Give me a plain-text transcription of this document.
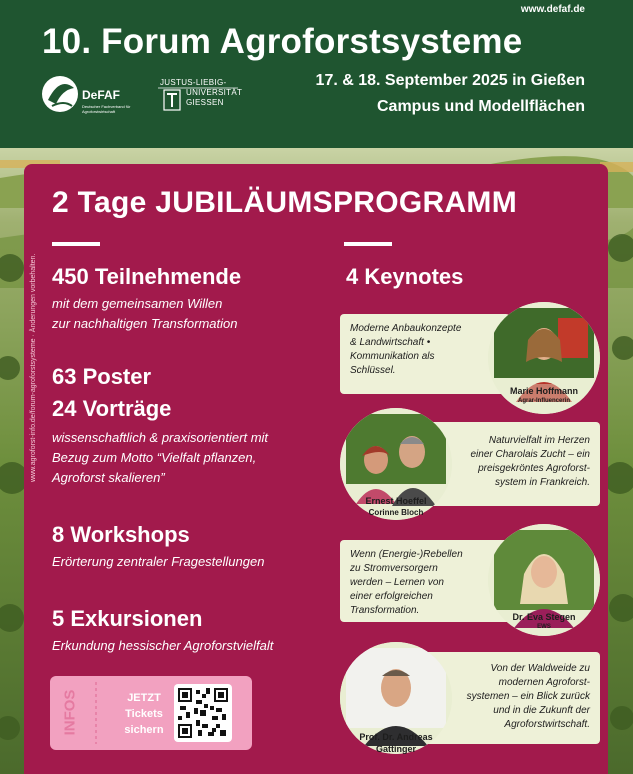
www.defaf.de
10. Forum Agroforstsysteme
DeFAF
Deutscher Fachverband für Agroforstwirtschaft
JUSTUS-LIEBIG-
UNIVERSITÄT
GIESSEN
17. & 18. September 2025 in Gießen
Campus und Modellflächen
2 Tage JUBILÄUMSPROGRAMM
www.agroforst-info.de/forum-agroforstsysteme · Änderungen vorbehalten. 450 Teilnehmende
mit dem gemeinsamen Willen
zur nachhaltigen Transformation
63 Poster
24 Vorträge
wissenschaftlich & praxisorientiert mit
Bezug zum Motto “Vielfalt pflanzen,
Agroforst skalieren”
8 Workshops
Erörterung zentraler Fragestellungen
5 Exkursionen
Erkundung hessischer Agroforstvielfalt
4 Keynotes
Moderne Anbaukonzepte
& Landwirtschaft •
Kommunikation als
Schlüssel.
Marie Hoffmann
Agrar-Influencerin
Naturvielfalt im Herzen
einer Charolais Zucht – ein
preisgekröntes Agroforst-
system in Frankreich.
Ernest Hoeffel
Corinne Bloch
Wenn (Energie-)Rebellen
zu Stromversorgern
werden – Lernen von
einer erfolgreichen
Transformation.
Dr. Eva Stegen
EWS
Von der Waldweide zu
modernen Agroforst-
systemen – ein Blick zurück
und in die Zukunft der
Agroforstwirtschaft.
Prof. Dr. Andreas
Gattinger
INFOS	JETZT
Tickets
sichern
